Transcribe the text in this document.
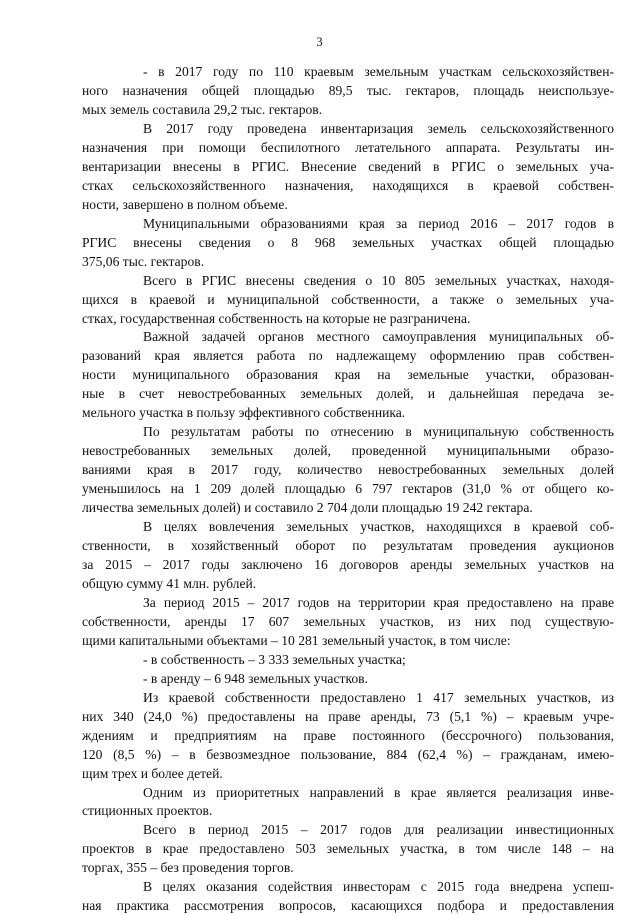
3
- в 2017 году по 110 краевым земельным участкам сельскохозяйствен-
ного назначения общей площадью 89,5 тыс. гектаров, площадь неиспользуе-
мых земель составила 29,2 тыс. гектаров.
В 2017 году проведена инвентаризация земель сельскохозяйственного
назначения при помощи беспилотного летательного аппарата. Результаты ин-
вентаризации внесены в РГИС. Внесение сведений в РГИС о земельных уча-
стках сельскохозяйственного назначения, находящихся в краевой собствен-
ности, завершено в полном объеме.
Муниципальными образованиями края за период 2016 – 2017 годов в
РГИС внесены сведения о 8 968 земельных участках общей площадью
375,06 тыс. гектаров.
Всего в РГИС внесены сведения о 10 805 земельных участках, находя-
щихся в краевой и муниципальной собственности, а также о земельных уча-
стках, государственная собственность на которые не разграничена.
Важной задачей органов местного самоуправления муниципальных об-
разований края является работа по надлежащему оформлению прав собствен-
ности муниципального образования края на земельные участки, образован-
ные в счет невостребованных земельных долей, и дальнейшая передача зе-
мельного участка в пользу эффективного собственника.
По результатам работы по отнесению в муниципальную собственность
невостребованных земельных долей, проведенной муниципальными образо-
ваниями края в 2017 году, количество невостребованных земельных долей
уменьшилось на 1 209 долей площадью 6 797 гектаров (31,0 % от общего ко-
личества земельных долей) и составило 2 704 доли площадью 19 242 гектара.
В целях вовлечения земельных участков, находящихся в краевой соб-
ственности, в хозяйственный оборот по результатам проведения аукционов
за 2015 – 2017 годы заключено 16 договоров аренды земельных участков на
общую сумму 41 млн. рублей.
За период 2015 – 2017 годов на территории края предоставлено на праве
собственности, аренды 17 607 земельных участков, из них под существую-
щими капитальными объектами – 10 281 земельный участок, в том числе:
- в собственность – 3 333 земельных участка;
- в аренду – 6 948 земельных участков.
Из краевой собственности предоставлено 1 417 земельных участков, из
них 340 (24,0 %) предоставлены на праве аренды, 73 (5,1 %) – краевым учре-
ждениям и предприятиям на праве постоянного (бессрочного) пользования,
120 (8,5 %) – в безвозмездное пользование, 884 (62,4 %) – гражданам, имею-
щим трех и более детей.
Одним из приоритетных направлений в крае является реализация инве-
стиционных проектов.
Всего в период 2015 – 2017 годов для реализации инвестиционных
проектов в крае предоставлено 503 земельных участка, в том числе 148 – на
торгах, 355 – без проведения торгов.
В целях оказания содействия инвесторам с 2015 года внедрена успеш-
ная практика рассмотрения вопросов, касающихся подбора и предоставления
